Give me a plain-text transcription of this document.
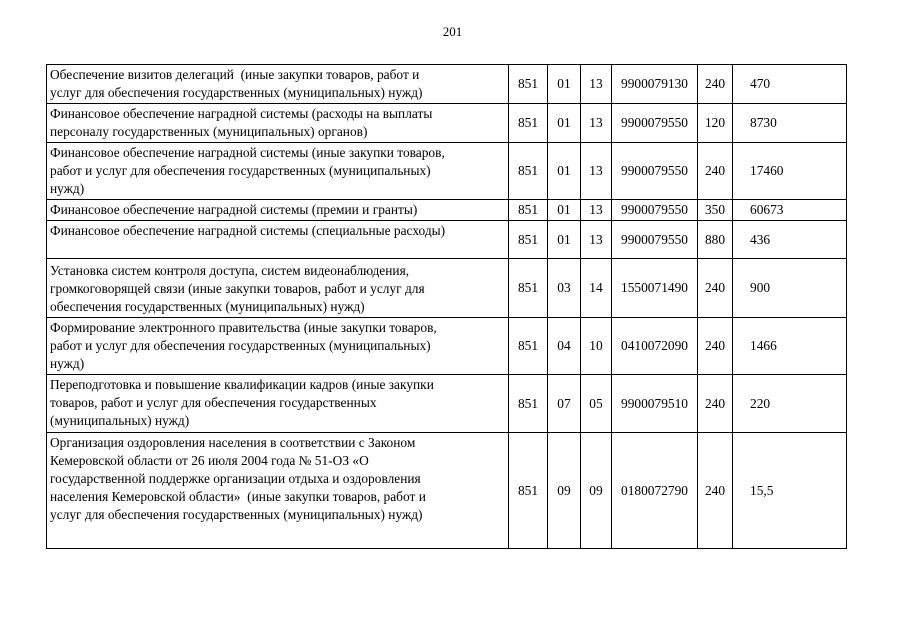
201
Обеспечение визитов делегаций  (иные закупки товаров, работ и
услуг для обеспечения государственных (муниципальных) нужд)	851	01	13	9900079130	240	470

Финансовое обеспечение наградной системы (расходы на выплаты
персоналу государственных (муниципальных) органов)	851	01	13	9900079550	120	8730

Финансовое обеспечение наградной системы (иные закупки товаров,
работ и услуг для обеспечения государственных (муниципальных)
нужд)	851	01	13	9900079550	240	17460

Финансовое обеспечение наградной системы (премии и гранты)	851	01	13	9900079550	350	60673

Финансовое обеспечение наградной системы (специальные расходы)	851	01	13	9900079550	880	436

Установка систем контроля доступа, систем видеонаблюдения,
громкоговорящей связи (иные закупки товаров, работ и услуг для
обеспечения государственных (муниципальных) нужд)	851	03	14	1550071490	240	900

Формирование электронного правительства (иные закупки товаров,
работ и услуг для обеспечения государственных (муниципальных)
нужд)	851	04	10	0410072090	240	1466

Переподготовка и повышение квалификации кадров (иные закупки
товаров, работ и услуг для обеспечения государственных
(муниципальных) нужд)	851	07	05	9900079510	240	220

Организация оздоровления населения в соответствии с Законом
Кемеровской области от 26 июля 2004 года № 51-ОЗ «О
государственной поддержке организации отдыха и оздоровления
населения Кемеровской области»  (иные закупки товаров, работ и
услуг для обеспечения государственных (муниципальных) нужд)	851	09	09	0180072790	240	15,5
